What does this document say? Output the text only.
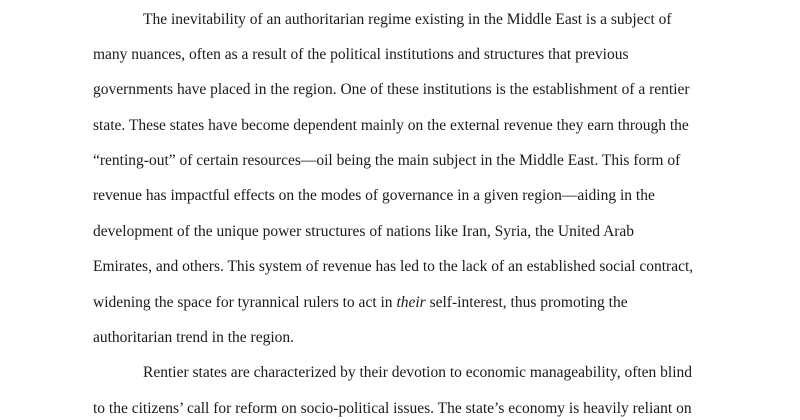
The inevitability of an authoritarian regime existing in the Middle East is a subject of
many nuances, often as a result of the political institutions and structures that previous
governments have placed in the region. One of these institutions is the establishment of a rentier
state. These states have become dependent mainly on the external revenue they earn through the
“renting-out” of certain resources—oil being the main subject in the Middle East. This form of
revenue has impactful effects on the modes of governance in a given region—aiding in the
development of the unique power structures of nations like Iran, Syria, the United Arab
Emirates, and others. This system of revenue has led to the lack of an established social contract,
widening the space for tyrannical rulers to act in their self-interest, thus promoting the
authoritarian trend in the region.
Rentier states are characterized by their devotion to economic manageability, often blind
to the citizens’ call for reform on socio-political issues. The state’s economy is heavily reliant on
